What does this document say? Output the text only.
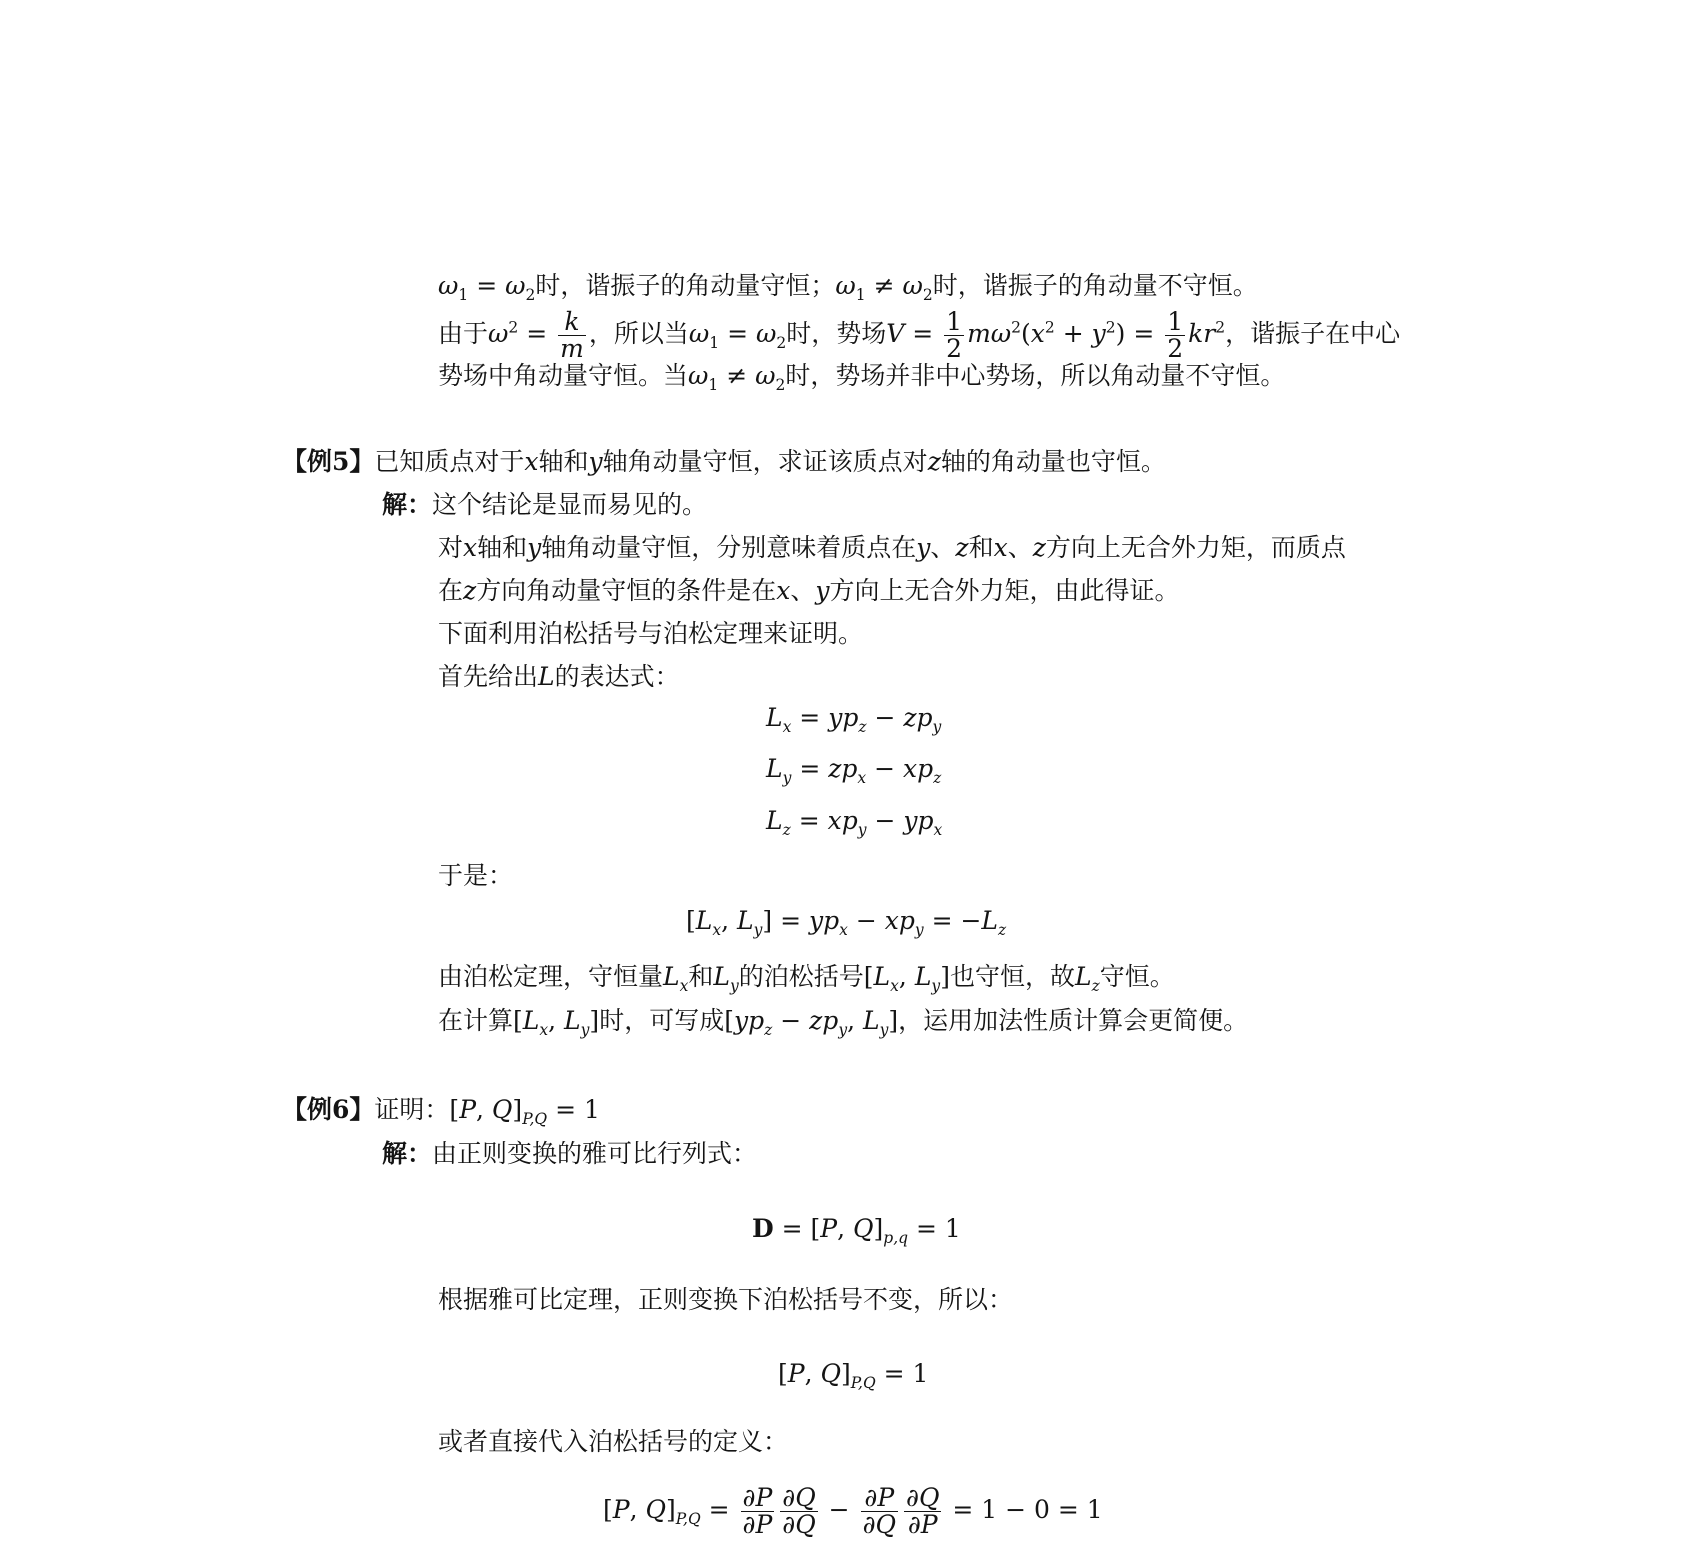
$\omega_1 = \omega_2$时，谐振子的角动量守恒；$\omega_1 \ne \omega_2$时，谐振子的角动量不守恒。
由于$\omega^2 = \frac{k}{m}$ ，所以当$\omega_1 = \omega_2$时，势场$V = \frac{1}{2} m\omega^2(x^2 + y^2) = \frac{1}{2} kr^2$，谐振子在中心
势场中角动量守恒。当$\omega_1 \ne \omega_2$时，势场并非中心势场，所以角动量不守恒。
【例5】已知质点对于x轴和y轴角动量守恒，求证该质点对z轴的角动量也守恒。
解：这个结论是显而易见的。
对x轴和y轴角动量守恒，分别意味着质点在y、z和x、z方向上无合外力矩，而质点
在z方向角动量守恒的条件是在x、y方向上无合外力矩，由此得证。
下面利用泊松括号与泊松定理来证明。
首先给出L的表达式：
$L_x = yp_z - zp_y$
$L_y = zp_x - xp_z$
$L_z = xp_y - yp_x$
于是：
[$L_x$, $L_y] = yp_x - xp_y = -L_z$
由泊松定理，守恒量$L_x$和$L_y$的泊松括号[$L_x$, $L_y$]也守恒，故$L_z$守恒。
在计算[$L_x$, $L_y$]时，可写成[$yp_z - zp_y$, $L_y$]，运用加法性质计算会更简便。
【例6】证明：[P, $Q]_{P,Q} = 1$
解：由正则变换的雅可比行列式：
D = [P, $Q]_{p,q} = 1$
根据雅可比定理，正则变换下泊松括号不变，所以：
[P, $Q]_{P,Q} = 1$
或者直接代入泊松括号的定义：
[P, $Q]_{P,Q} = \frac{\partial P}{\partial P} \frac{\partial Q}{\partial Q} - \frac{\partial P}{\partial Q} \frac{\partial Q}{\partial P} = 1 - 0 = 1$
